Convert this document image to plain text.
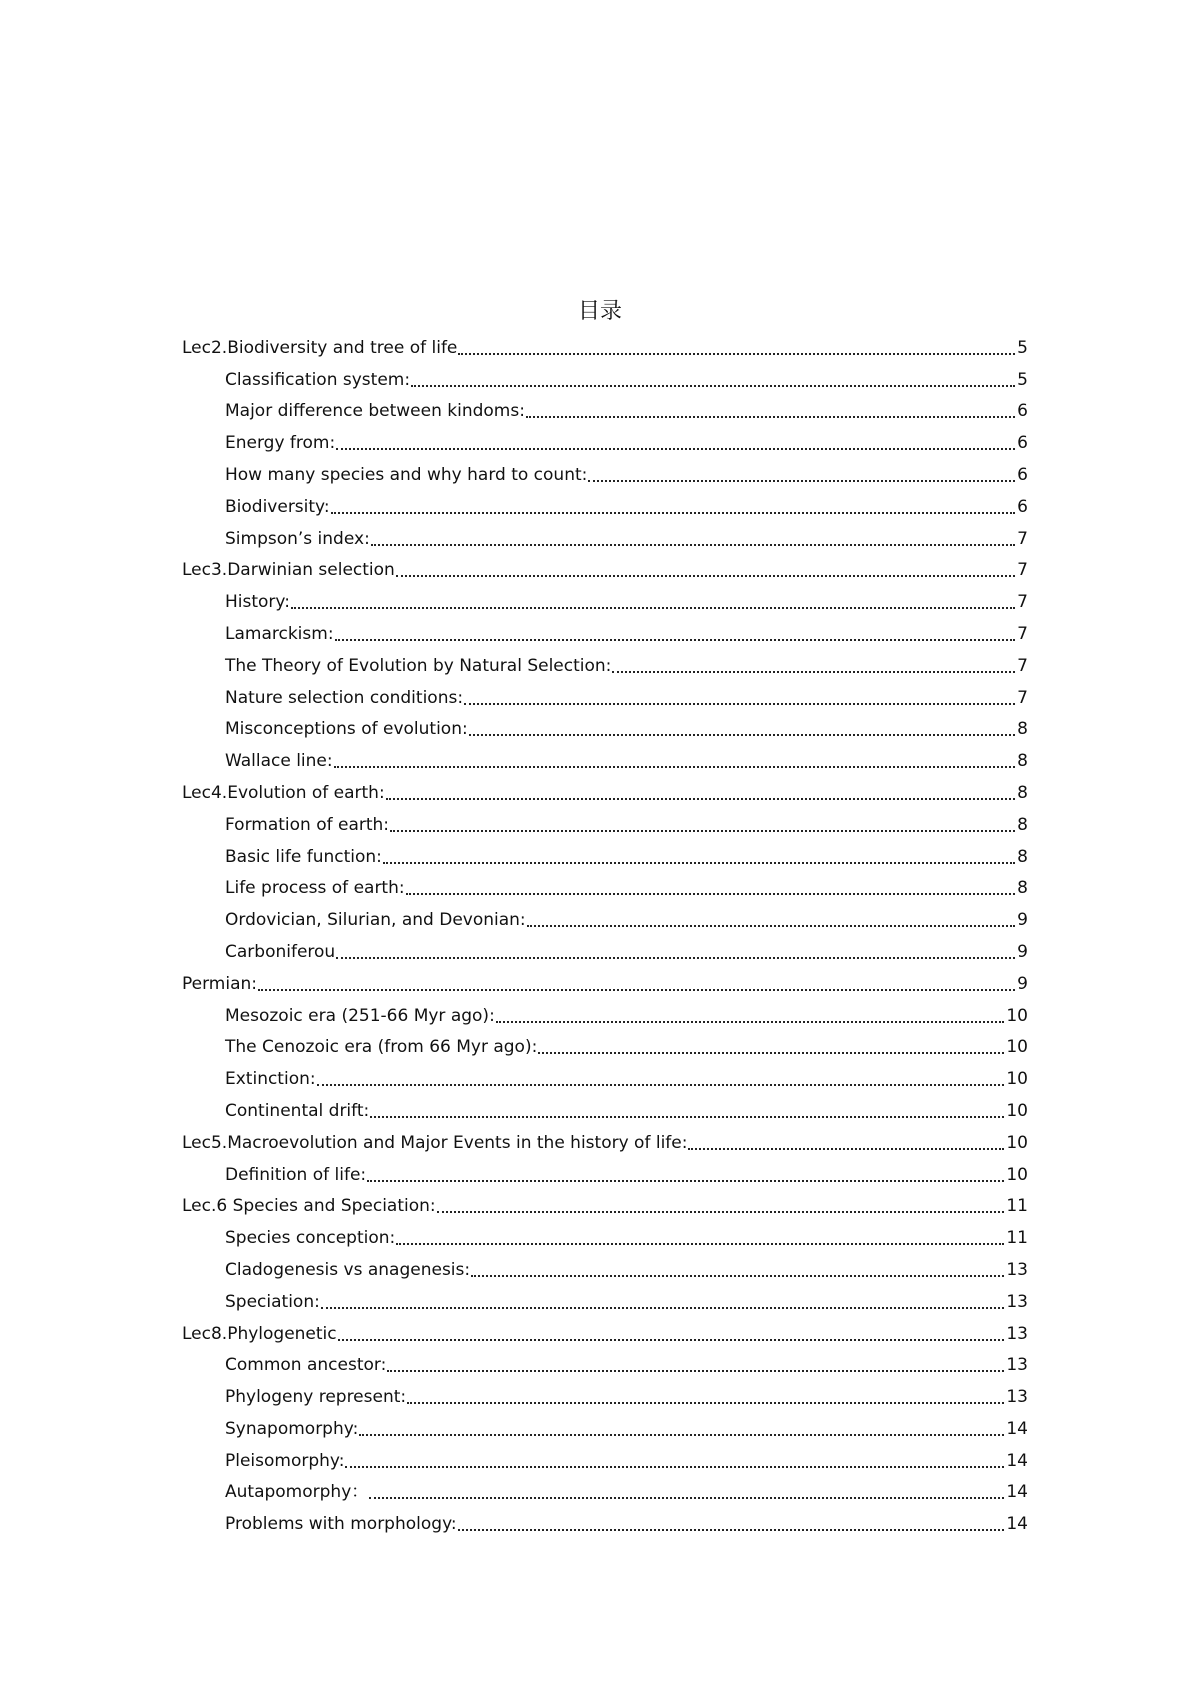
目录
Lec2.Biodiversity and tree of life	5
Classification system:	5
Major difference between kindoms:	6
Energy from:	6
How many species and why hard to count:	6
Biodiversity:	6
Simpson’s index:	7
Lec3.Darwinian selection	7
History:	7
Lamarckism:	7
The Theory of Evolution by Natural Selection:	7
Nature selection conditions:	7
Misconceptions of evolution:	8
Wallace line:	8
Lec4.Evolution of earth:	8
Formation of earth:	8
Basic life function:	8
Life process of earth:	8
Ordovician, Silurian, and Devonian:	9
Carboniferou	9
Permian:	9
Mesozoic era (251-66 Myr ago):	10
The Cenozoic era (from 66 Myr ago):	10
Extinction:	10
Continental drift:	10
Lec5.Macroevolution and Major Events in the history of life:	10
Definition of life:	10
Lec.6 Species and Speciation:	11
Species conception:	11
Cladogenesis vs anagenesis:	13
Speciation:	13
Lec8.Phylogenetic	13
Common ancestor:	13
Phylogeny represent:	13
Synapomorphy:	14
Pleisomorphy:	14
Autapomorphy：	14
Problems with morphology:	14
